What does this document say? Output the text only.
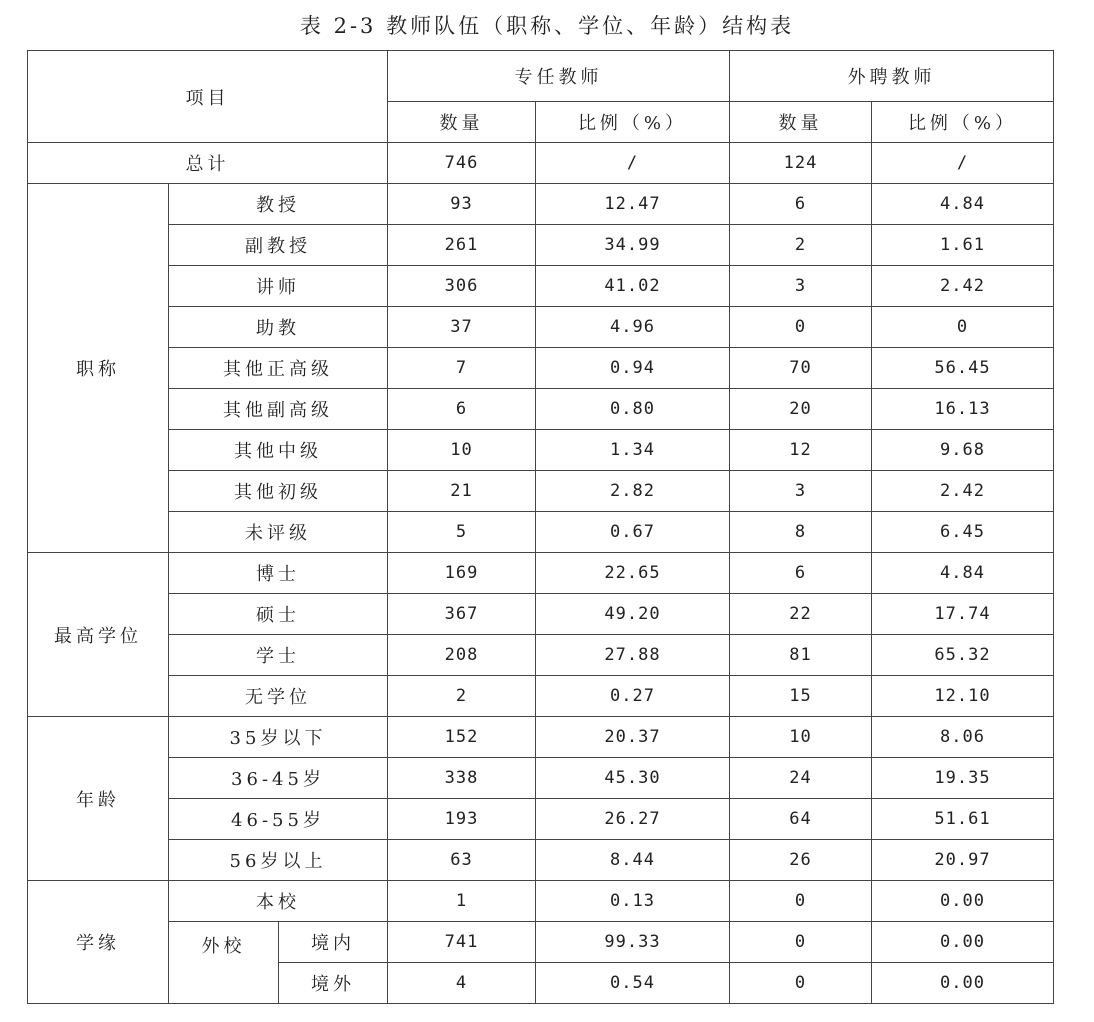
表 2-3 教师队伍（职称、学位、年龄）结构表
项目			专任教师		外聘教师	
			数量	比例（%）	数量	比例（%）
总计			746	/	124	/
职称	教授		93	12.47	6	4.84
	副教授		261	34.99	2	1.61
	讲师		306	41.02	3	2.42
	助教		37	4.96	0	0
	其他正高级		7	0.94	70	56.45
	其他副高级		6	0.80	20	16.13
	其他中级		10	1.34	12	9.68
	其他初级		21	2.82	3	2.42
	未评级		5	0.67	8	6.45
最高学位	博士		169	22.65	6	4.84
	硕士		367	49.20	22	17.74
	学士		208	27.88	81	65.32
	无学位		2	0.27	15	12.10
年龄	35岁以下		152	20.37	10	8.06
	36-45岁		338	45.30	24	19.35
	46-55岁		193	26.27	64	51.61
	56岁以上		63	8.44	26	20.97
学缘	本校		1	0.13	0	0.00
	外校	境内	741	99.33	0	0.00
		境外	4	0.54	0	0.00
